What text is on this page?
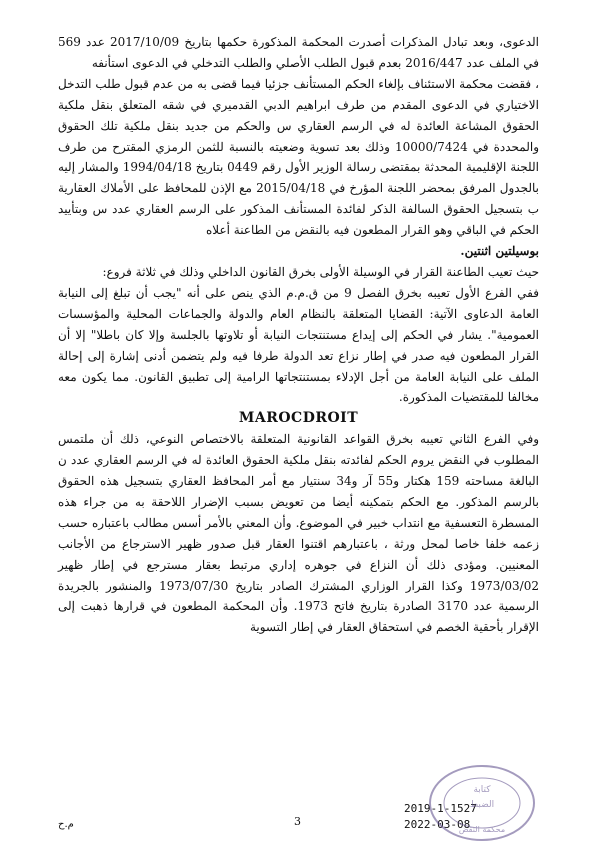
الدعوى، وبعد تبادل المذكرات أصدرت المحكمة المذكورة حكمها بتاريخ 2017/10/09 عدد 569 في الملف عدد 2016/447 بعدم قبول الطلب الأصلي والطلب التدخلي في الدعوى استأنفه

، فقضت محكمة الاستئناف بإلغاء الحكم المستأنف جزئيا فيما قضى به من عدم قبول طلب التدخل الاختياري في الدعوى المقدم من طرف ابراهيم الدبي القدميري في شقه المتعلق بنقل ملكية الحقوق المشاعة العائدة له في الرسم العقاري س والحكم من جديد بنقل ملكية تلك الحقوق والمحددة في 10000/7424 وذلك بعد تسوية وضعيته بالنسبة للثمن الرمزي المقترح من طرف اللجنة الإقليمية المحدثة بمقتضى رسالة الوزير الأول رقم 0449 بتاريخ 1994/04/18 والمشار إليه بالجدول المرفق بمحضر اللجنة المؤرخ في 2015/04/18 مع الإذن للمحافظ على الأملاك العقارية ب بتسجيل الحقوق السالفة الذكر لفائدة المستأنف المذكور على الرسم العقاري عدد س وبتأييد الحكم في الباقي وهو القرار المطعون فيه بالنقض من الطاعنة أعلاه

بوسيلتين اثنتين.

حيث تعيب الطاعنة القرار في الوسيلة الأولى بخرق القانون الداخلي وذلك في ثلاثة فروع:

ففي الفرع الأول تعيبه بخرق الفصل 9 من ق.م.م الذي ينص على أنه "يجب أن تبلغ إلى النيابة العامة الدعاوى الآتية: القضايا المتعلقة بالنظام العام والدولة والجماعات المحلية والمؤسسات العمومية". يشار في الحكم إلى إيداع مستنتجات النيابة أو تلاوتها بالجلسة وإلا كان باطلا" إلا أن القرار المطعون فيه صدر في إطار نزاع تعد الدولة طرفا فيه ولم يتضمن أدنى إشارة إلى إحالة الملف على النيابة العامة من أجل الإدلاء بمستنتجاتها الرامية إلى تطبيق القانون. مما يكون معه مخالفا للمقتضيات المذكورة.

MAROCDROIT

وفي الفرع الثاني تعيبه بخرق القواعد القانونية المتعلقة بالاختصاص النوعي، ذلك أن ملتمس المطلوب في النقض يروم الحكم لفائدته بنقل ملكية الحقوق العائدة له في الرسم العقاري عدد ن البالغة مساحته 159 هكتار و55 آر و34 سنتيار مع أمر المحافظ العقاري بتسجيل هذه الحقوق بالرسم المذكور. مع الحكم بتمكينه أيضا من تعويض بسبب الإضرار اللاحقة به من جراء هذه المسطرة التعسفية مع انتداب خبير في الموضوع. وأن المعني بالأمر أسس مطالب باعتباره حسب زعمه خلفا خاصا لمحل ورثة ، باعتبارهم اقتنوا العقار قبل صدور ظهير الاسترجاع من الأجانب المعنيين. ومؤدى ذلك أن النزاع في جوهره إداري مرتبط بعقار مسترجع في إطار ظهير 1973/03/02 وكذا القرار الوزاري المشترك الصادر بتاريخ 1973/07/30 والمنشور بالجريدة الرسمية عدد 3170 الصادرة بتاريخ فاتح 1973. وأن المحكمة المطعون في قرارها ذهبت إلى الإقرار بأحقية الخصم في استحقاق العقار في إطار التسوية

م.ح	3
2019-1-1527
2022-03-08
كتابة
الضبط
محكمة النقض
